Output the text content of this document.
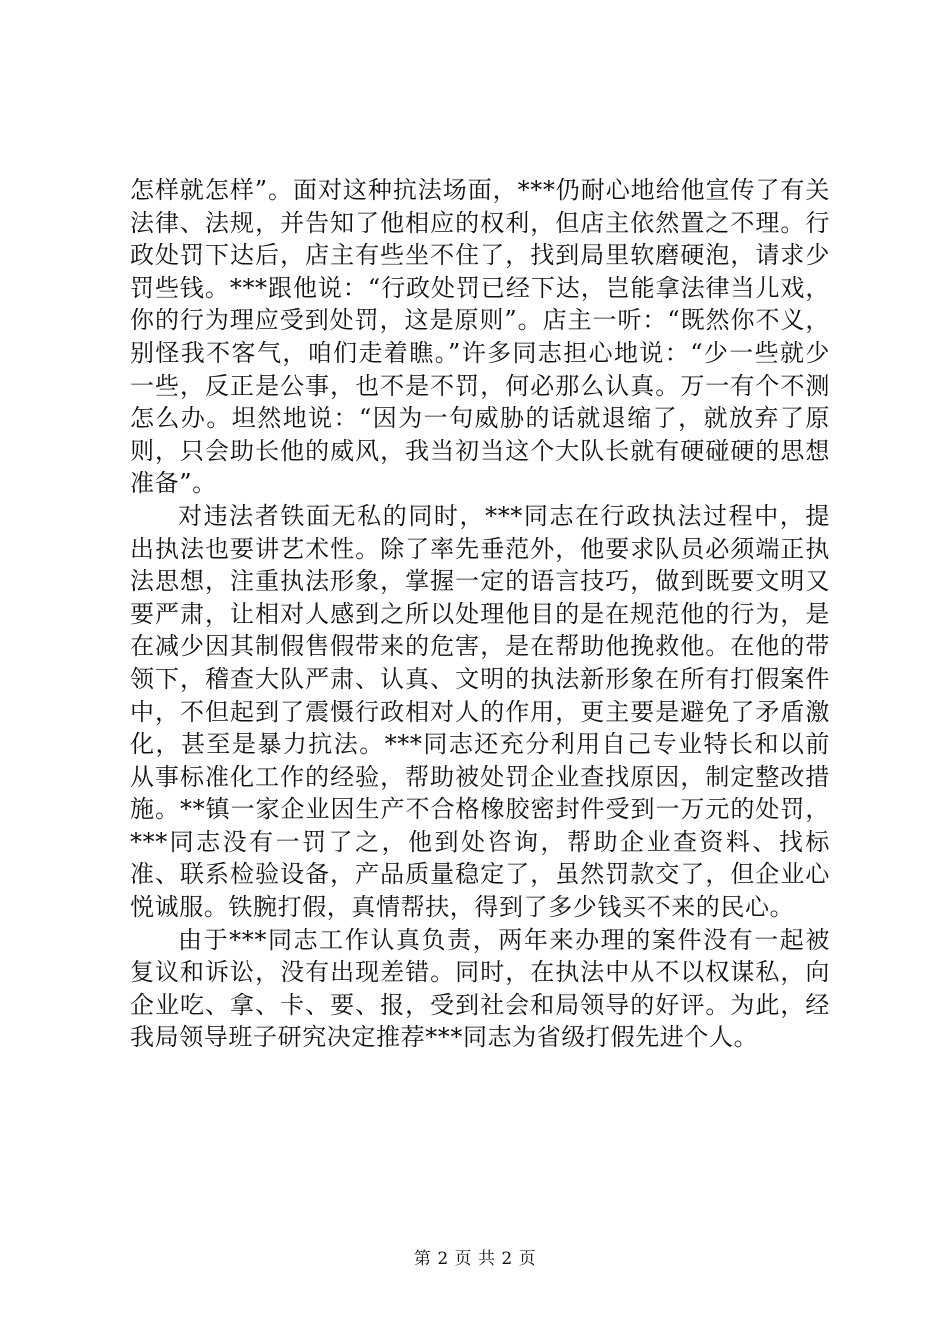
怎样就怎样”。面对这种抗法场面，***仍耐心地给他宣传了有关法律、法规，并告知了他相应的权利，但店主依然置之不理。行政处罚下达后，店主有些坐不住了，找到局里软磨硬泡，请求少罚些钱。***跟他说：“行政处罚已经下达，岂能拿法律当儿戏，你的行为理应受到处罚，这是原则”。店主一听：“既然你不义，别怪我不客气，咱们走着瞧。”许多同志担心地说：“少一些就少一些，反正是公事，也不是不罚，何必那么认真。万一有个不测怎么办。坦然地说：“因为一句威胁的话就退缩了，就放弃了原则，只会助长他的威风，我当初当这个大队长就有硬碰硬的思想准备”。

对违法者铁面无私的同时，***同志在行政执法过程中，提出执法也要讲艺术性。除了率先垂范外，他要求队员必须端正执法思想，注重执法形象，掌握一定的语言技巧，做到既要文明又要严肃，让相对人感到之所以处理他目的是在规范他的行为，是在减少因其制假售假带来的危害，是在帮助他挽救他。在他的带领下，稽查大队严肃、认真、文明的执法新形象在所有打假案件中，不但起到了震慑行政相对人的作用，更主要是避免了矛盾激化，甚至是暴力抗法。***同志还充分利用自己专业特长和以前从事标准化工作的经验，帮助被处罚企业查找原因，制定整改措施。**镇一家企业因生产不合格橡胶密封件受到一万元的处罚，***同志没有一罚了之，他到处咨询，帮助企业查资料、找标准、联系检验设备，产品质量稳定了，虽然罚款交了，但企业心悦诚服。铁腕打假，真情帮扶，得到了多少钱买不来的民心。

由于***同志工作认真负责，两年来办理的案件没有一起被复议和诉讼，没有出现差错。同时，在执法中从不以权谋私，向企业吃、拿、卡、要、报，受到社会和局领导的好评。为此，经我局领导班子研究决定推荐***同志为省级打假先进个人。

第 2 页 共 2 页
